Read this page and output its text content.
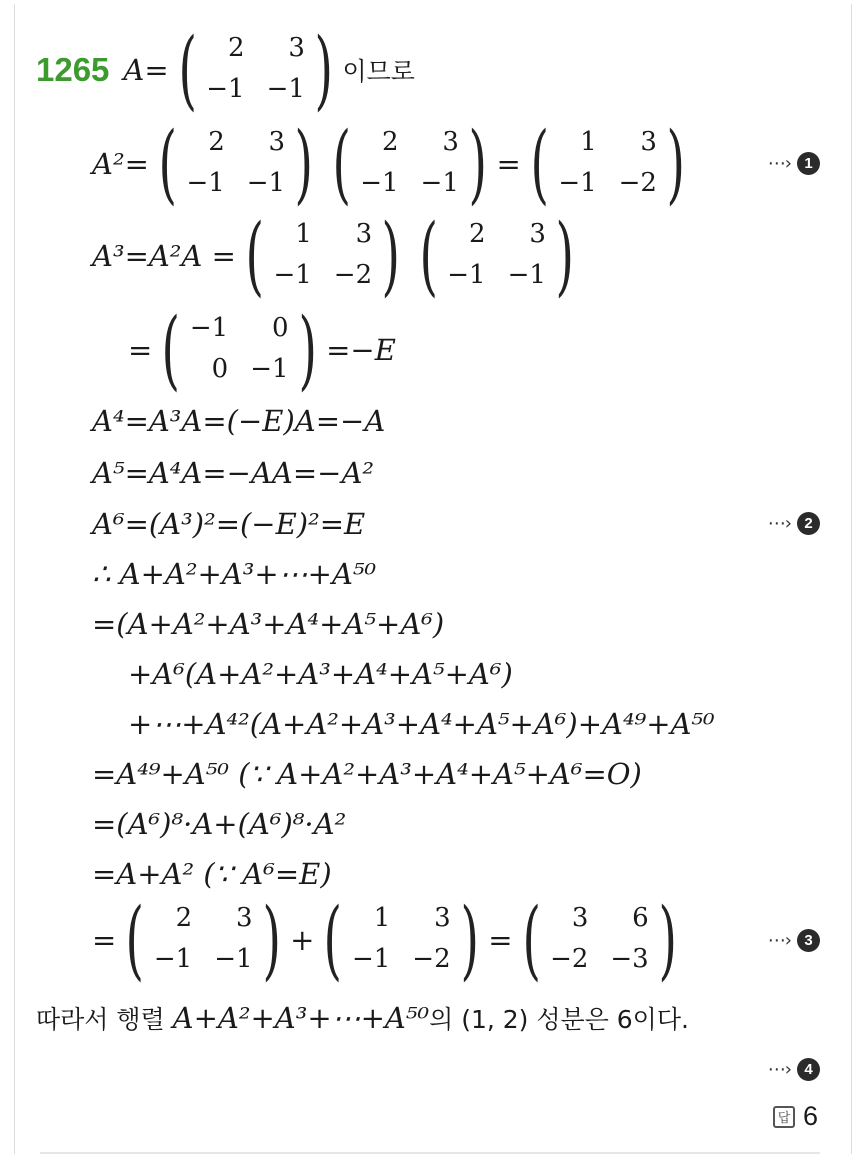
1265 A= (	2	3
−1 −1 ) 이므로
A²= (	2	3
−1 −1 ) (	2	3
−1 −1 ) = (	1	3
−1 −2 )	⋯› 1
A³=A²A = (	1	3
−1 −2 ) (	2	3
−1 −1 )
= ( −1	0
0 −1 ) =−E
A⁴=A³A=(−E)A=−A
A⁵=A⁴A=−AA=−A²
A⁶=(A³)²=(−E)²=E	⋯› 2
∴ A+A²+A³+⋯+A⁵⁰
=(A+A²+A³+A⁴+A⁵+A⁶)
+A⁶(A+A²+A³+A⁴+A⁵+A⁶)
+⋯+A⁴²(A+A²+A³+A⁴+A⁵+A⁶)+A⁴⁹+A⁵⁰
=A⁴⁹+A⁵⁰ (∵ A+A²+A³+A⁴+A⁵+A⁶=O)
=(A⁶)⁸·A+(A⁶)⁸·A²
=A+A² (∵ A⁶=E)
= (	2	3
−1 −1 ) + (	1	3
−1 −2 ) = (	3	6
−2 −3 )	⋯› 3
따라서 행렬 A+A²+A³+⋯+A⁵⁰ 의 (1, 2) 성분은 6이다.
⋯› 4
답 6
